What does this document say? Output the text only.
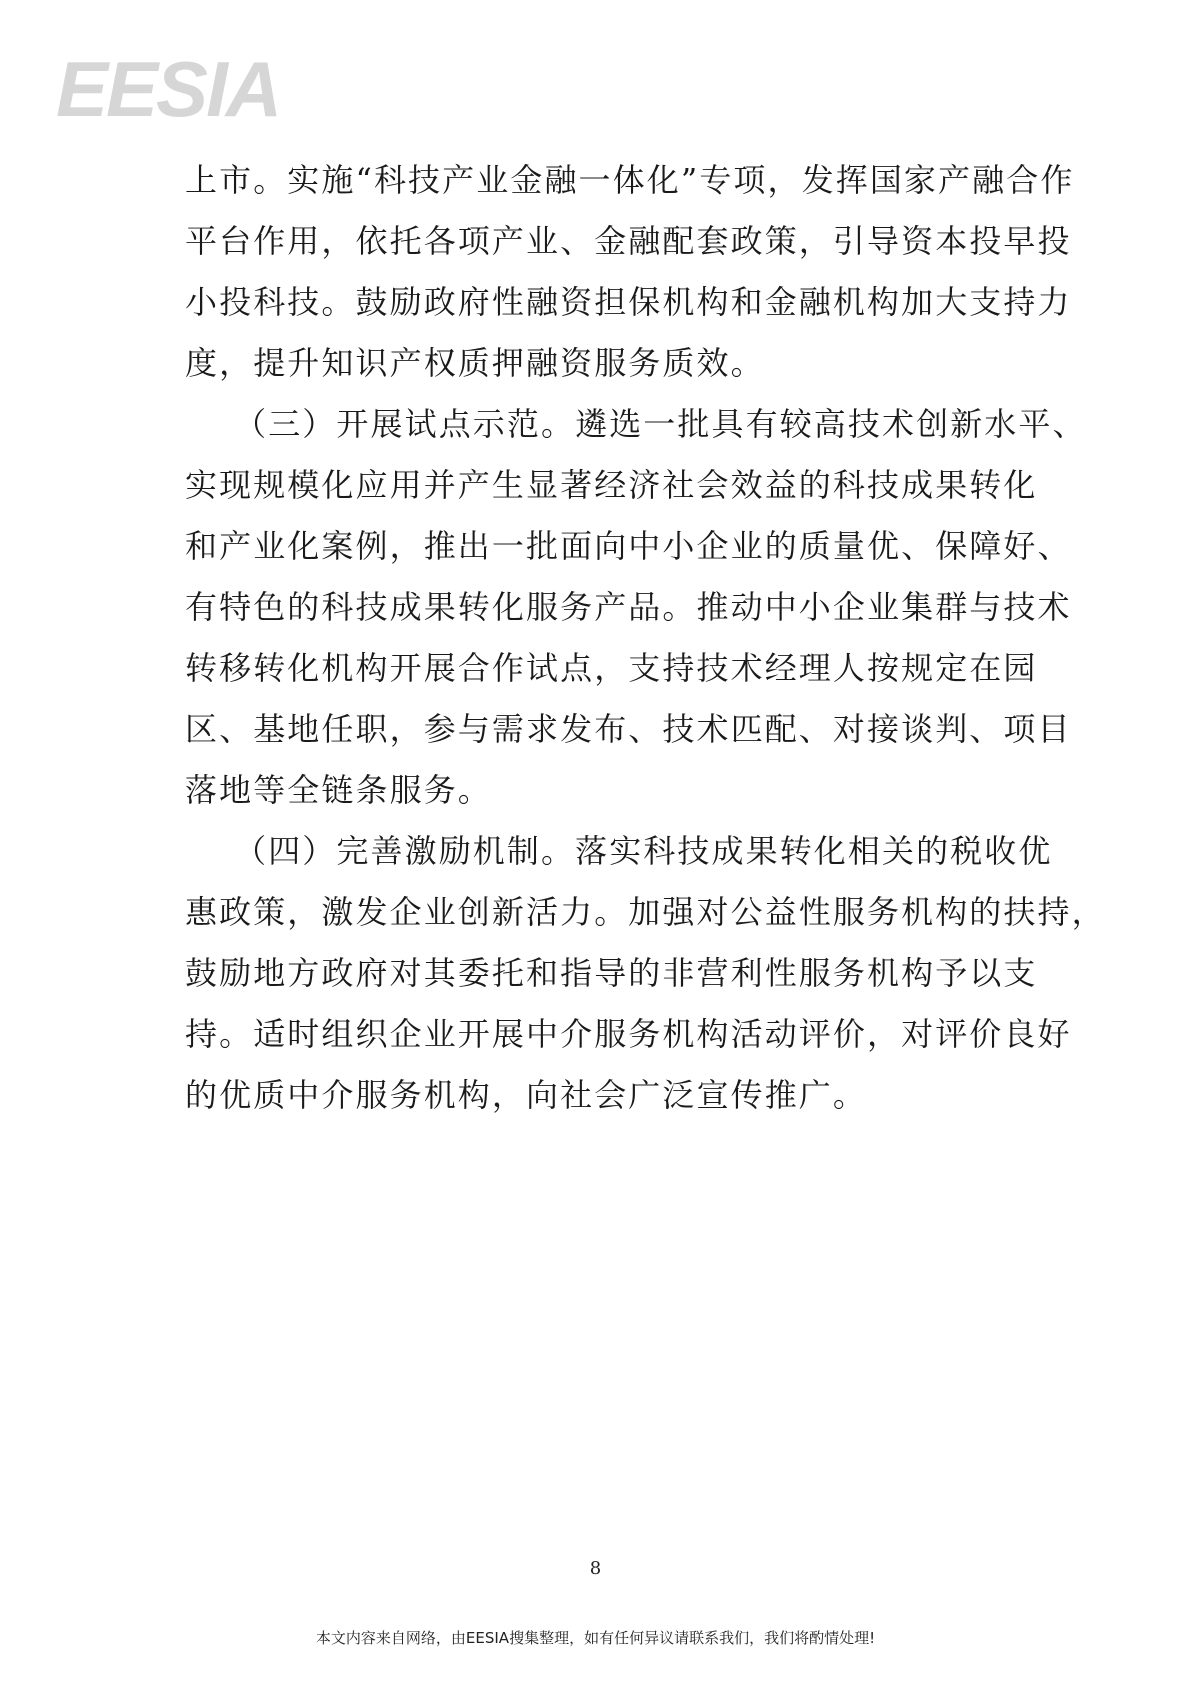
EESIA

上市。实施“科技产业金融一体化”专项，发挥国家产融合作
平台作用，依托各项产业、金融配套政策，引导资本投早投
小投科技。鼓励政府性融资担保机构和金融机构加大支持力
度，提升知识产权质押融资服务质效。

（三）开展试点示范。遴选一批具有较高技术创新水平、
实现规模化应用并产生显著经济社会效益的科技成果转化
和产业化案例，推出一批面向中小企业的质量优、保障好、
有特色的科技成果转化服务产品。推动中小企业集群与技术
转移转化机构开展合作试点，支持技术经理人按规定在园
区、基地任职，参与需求发布、技术匹配、对接谈判、项目
落地等全链条服务。

（四）完善激励机制。落实科技成果转化相关的税收优
惠政策，激发企业创新活力。加强对公益性服务机构的扶持，
鼓励地方政府对其委托和指导的非营利性服务机构予以支
持。适时组织企业开展中介服务机构活动评价，对评价良好
的优质中介服务机构，向社会广泛宣传推广。

8
本文内容来自网络，由EESIA搜集整理，如有任何异议请联系我们，我们将酌情处理!
